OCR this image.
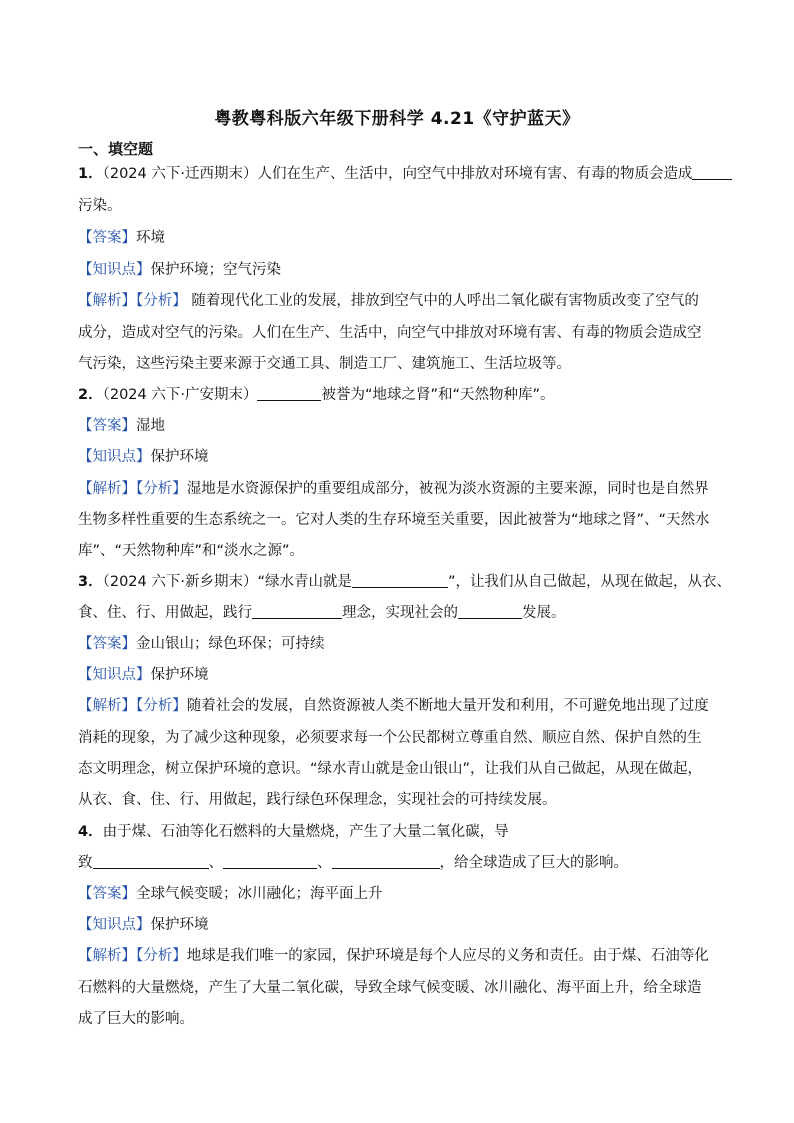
粤教粤科版六年级下册科学 4.21《守护蓝天》
一、填空题
1．（2024 六下·迁西期末）人们在生产、生活中，向空气中排放对环境有害、有毒的物质会造成
污染。
【答案】环境
【知识点】保护环境；空气污染
【解析】【分析】 随着现代化工业的发展，排放到空气中的人呼出二氧化碳有害物质改变了空气的
成分，造成对空气的污染。人们在生产、生活中，向空气中排放对环境有害、有毒的物质会造成空
气污染，这些污染主要来源于交通工具、制造工厂、建筑施工、生活垃圾等。
2．（2024 六下·广安期末）	被誉为“地球之肾”和“天然物种库”。
【答案】湿地
【知识点】保护环境
【解析】【分析】湿地是水资源保护的重要组成部分，被视为淡水资源的主要来源，同时也是自然界
生物多样性重要的生态系统之一。它对人类的生存环境至关重要，因此被誉为“地球之肾”、“天然水
库”、“天然物种库”和“淡水之源”。
3．（2024 六下·新乡期末）“绿水青山就是	”，让我们从自己做起，从现在做起，从衣、
食、住、行、用做起，践行	理念，实现社会的	发展。
【答案】金山银山；绿色环保；可持续
【知识点】保护环境
【解析】【分析】随着社会的发展，自然资源被人类不断地大量开发和利用，不可避免地出现了过度
消耗的现象，为了减少这种现象，必须要求每一个公民都树立尊重自然、顺应自然、保护自然的生
态文明理念，树立保护环境的意识。“绿水青山就是金山银山”，让我们从自己做起，从现在做起，
从衣、食、住、行、用做起，践行绿色环保理念，实现社会的可持续发展。
4．由于煤、石油等化石燃料的大量燃烧，产生了大量二氧化碳，导
致	、	、	，给全球造成了巨大的影响。
【答案】全球气候变暖；冰川融化；海平面上升
【知识点】保护环境
【解析】【分析】地球是我们唯一的家园，保护环境是每个人应尽的义务和责任。由于煤、石油等化
石燃料的大量燃烧，产生了大量二氧化碳，导致全球气候变暖、冰川融化、海平面上升，给全球造
成了巨大的影响。
